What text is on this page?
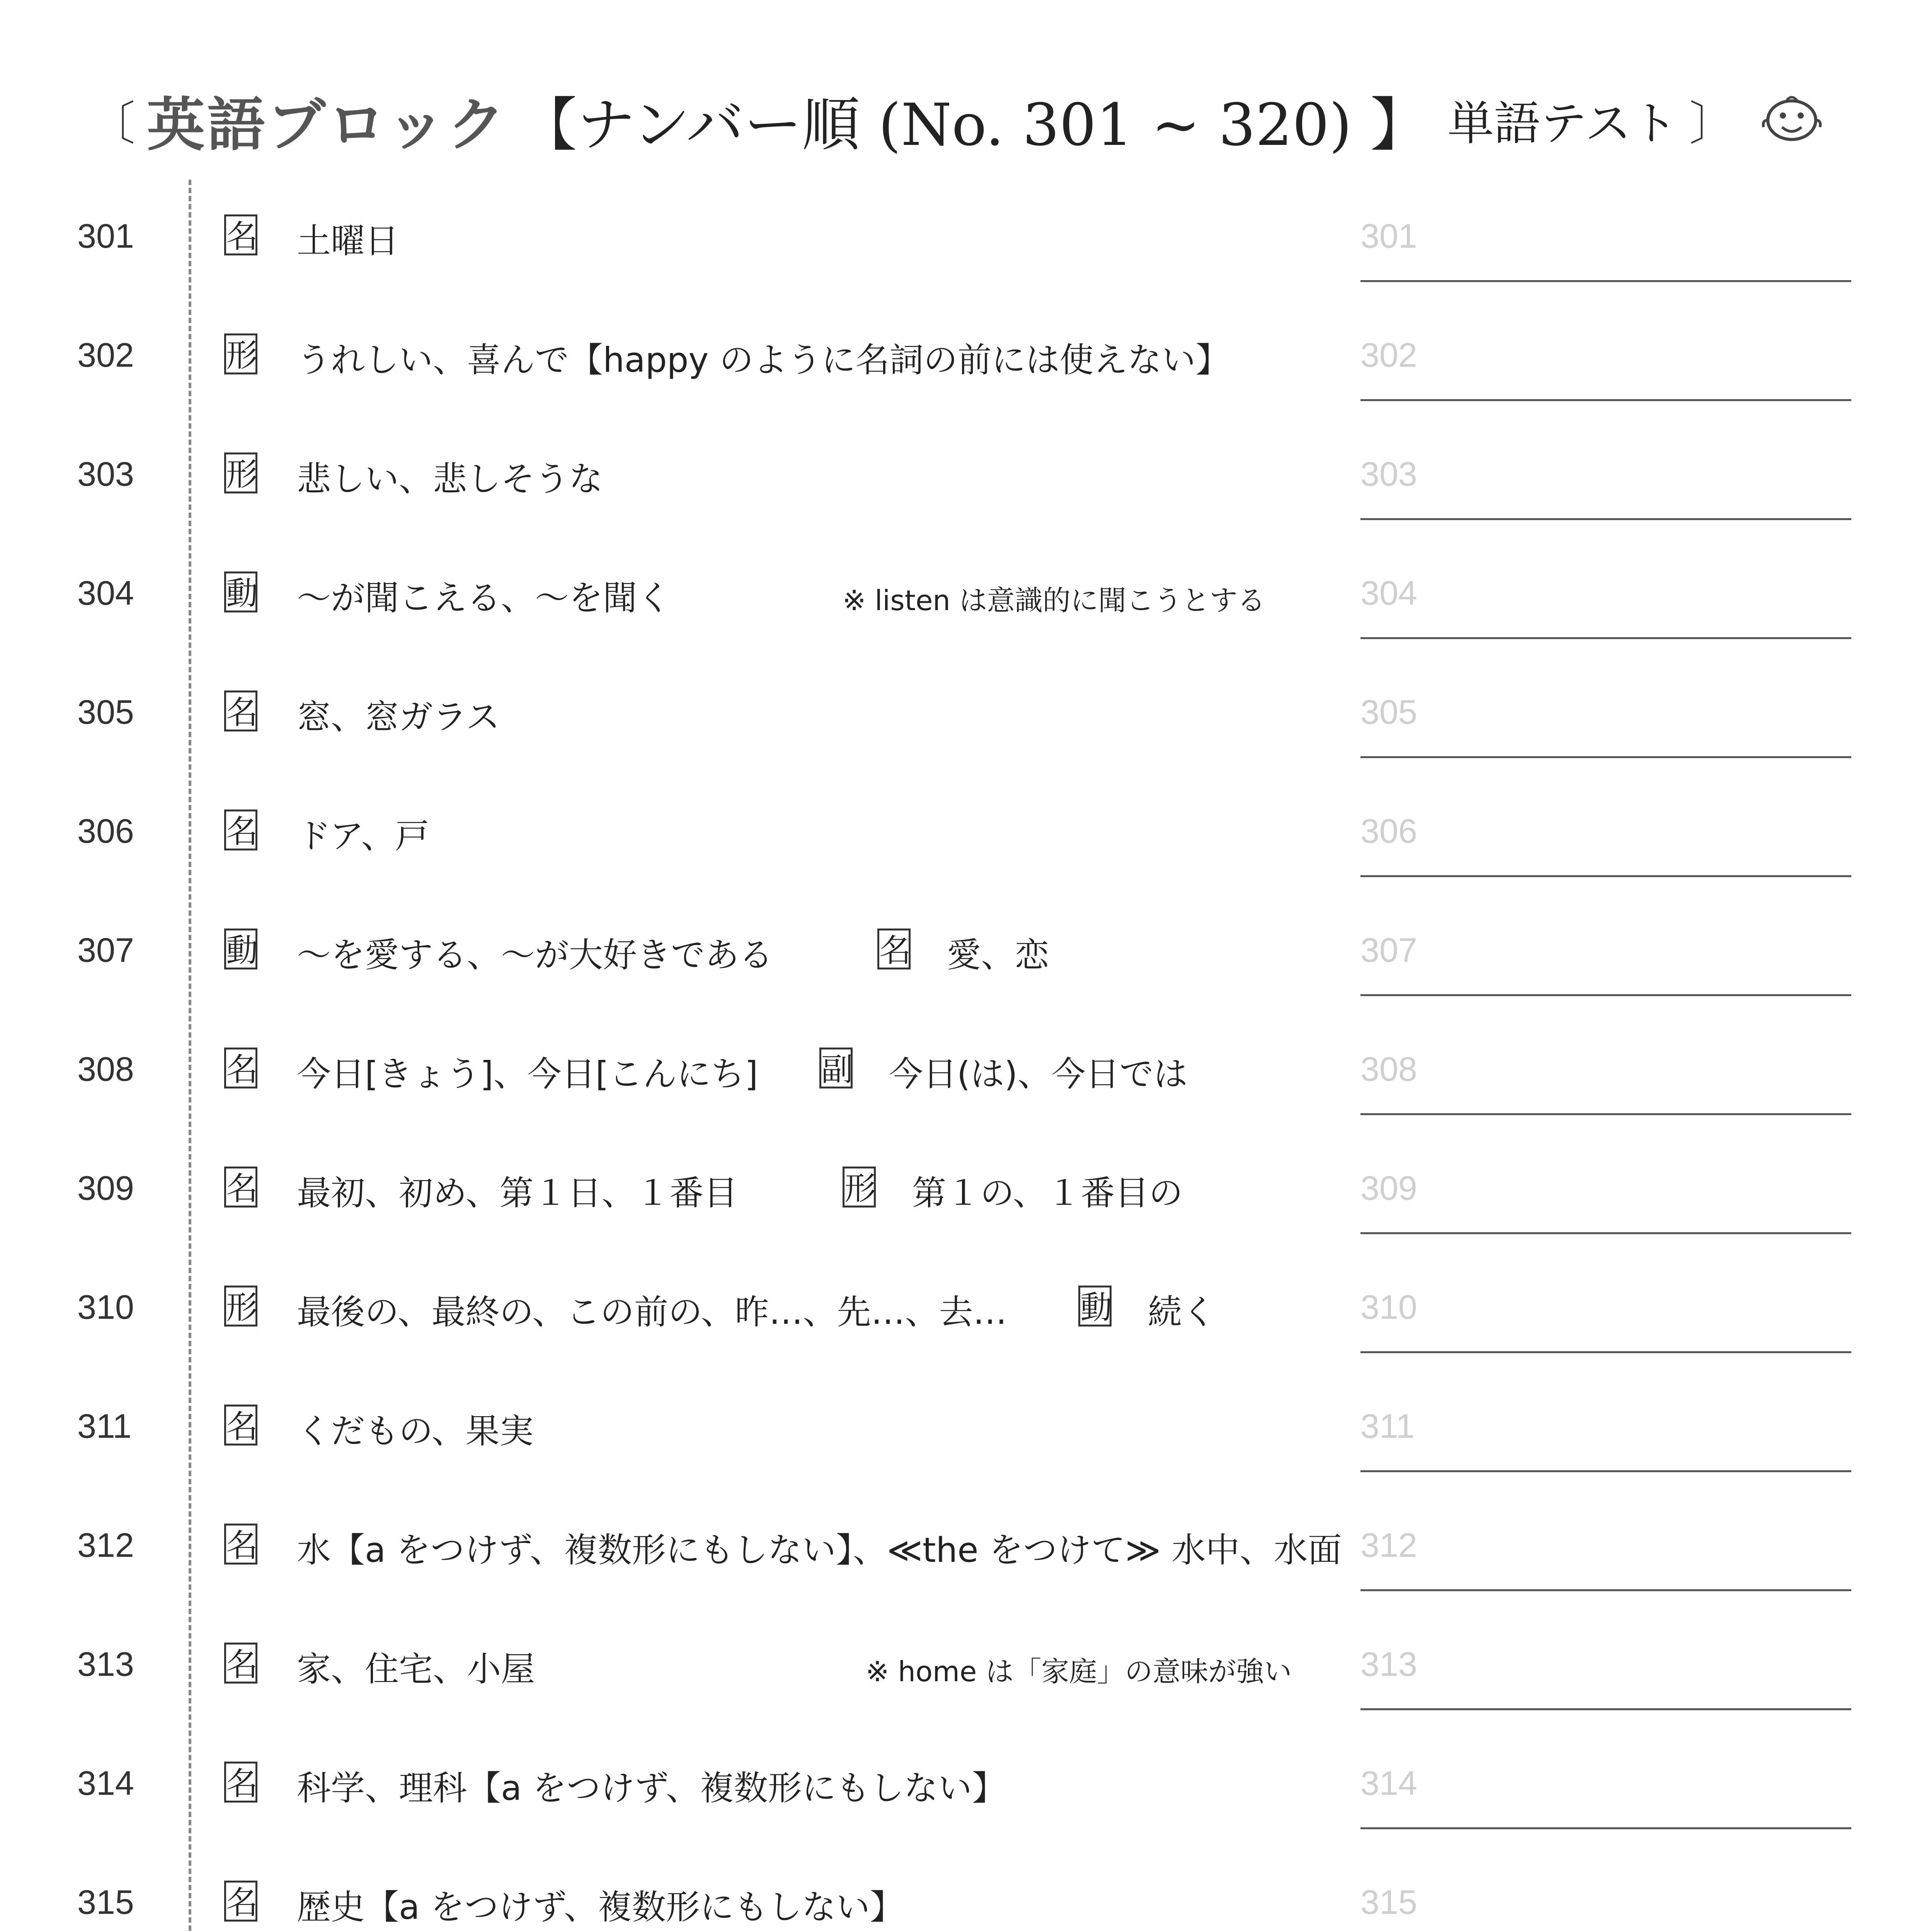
〔 英語ブロック 【ナンバー順 (No. 301 ~ 320) 】 単語テスト 〕
301	名 土曜日	301
302	形 うれしい、喜んで【happy のように名詞の前には使えない】	302
303	形 悲しい、悲しそうな	303
304	動 ～が聞こえる、～を聞く	※ listen は意識的に聞こうとする	304
305	名 窓、窓ガラス	305
306	名 ドア、戸	306
307	動 ～を愛する、～が大好きである	名 愛、恋	307
308	名 今日[きょう]、今日[こんにち] 副 今日(は)、今日では	308
309	名 最初、初め、第１日、１番目	形 第１の、１番目の	309
310	形 最後の、最終の、この前の、昨…、先…、去… 動 続く	310
311	名 くだもの、果実	311
312	名 水【a をつけず、複数形にもしない】、≪the をつけて≫ 水中、水面 312
313	名 家、住宅、小屋	※ home は「家庭」の意味が強い 313
314	名 科学、理科【a をつけず、複数形にもしない】	314
315	名 歴史【a をつけず、複数形にもしない】	315
